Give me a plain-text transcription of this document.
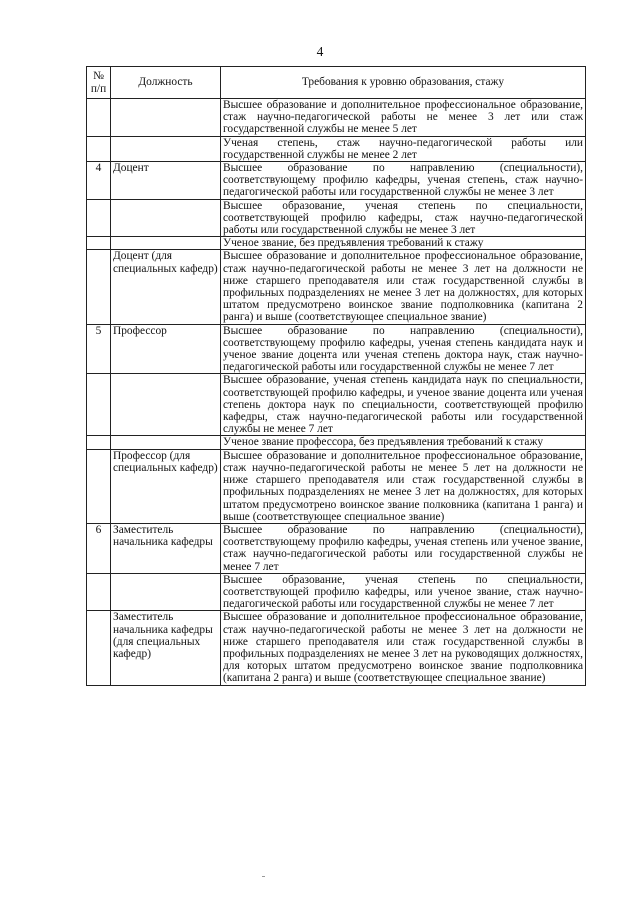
4
№ п/п	Должность	Требования к уровню образования, стажу
		Высшее образование и дополнительное профессиональное образование, стаж научно-педагогической работы не менее 3 лет или стаж государственной службы не менее 5 лет
		Ученая степень, стаж научно-педагогической работы или государственной службы не менее 2 лет
4	Доцент	Высшее образование по направлению (специальности), соответствующему профилю кафедры, ученая степень, стаж научно-педагогической работы или государственной службы не менее 3 лет
		Высшее образование, ученая степень по специальности, соответствующей профилю кафедры, стаж научно-педагогической работы или государственной службы не менее 3 лет
		Ученое звание, без предъявления требований к стажу
	Доцент (для специальных кафедр)	Высшее образование и дополнительное профессиональное образование, стаж научно-педагогической работы не менее 3 лет на должности не ниже старшего преподавателя или стаж государственной службы в профильных подразделениях не менее 3 лет на должностях, для которых штатом предусмотрено воинское звание подполковника (капитана 2 ранга) и выше (соответствующее специальное звание)
5	Профессор	Высшее образование по направлению (специальности), соответствующему профилю кафедры, ученая степень кандидата наук и ученое звание доцента или ученая степень доктора наук, стаж научно-педагогической работы или государственной службы не менее 7 лет
		Высшее образование, ученая степень кандидата наук по специальности, соответствующей профилю кафедры, и ученое звание доцента или ученая степень доктора наук по специальности, соответствующей профилю кафедры, стаж научно-педагогической работы или государственной службы не менее 7 лет
		Ученое звание профессора, без предъявления требований к стажу
	Профессор (для специальных кафедр)	Высшее образование и дополнительное профессиональное образование, стаж научно-педагогической работы не менее 5 лет на должности не ниже старшего преподавателя или стаж государственной службы в профильных подразделениях не менее 3 лет на должностях, для которых штатом предусмотрено воинское звание полковника (капитана 1 ранга) и выше (соответствующее специальное звание)
6	Заместитель начальника кафедры	Высшее образование по направлению (специальности), соответствующему профилю кафедры, ученая степень или ученое звание, стаж научно-педагогической работы или государственной службы не менее 7 лет
		Высшее образование, ученая степень по специальности, соответствующей профилю кафедры, или ученое звание, стаж научно-педагогической работы или государственной службы не менее 7 лет
	Заместитель начальника кафедры (для специальных кафедр)	Высшее образование и дополнительное профессиональное образование, стаж научно-педагогической работы не менее 3 лет на должности не ниже старшего преподавателя или стаж государственной службы в профильных подразделениях не менее 3 лет на руководящих должностях, для которых штатом предусмотрено воинское звание подполковника (капитана 2 ранга) и выше (соответствующее специальное звание)
